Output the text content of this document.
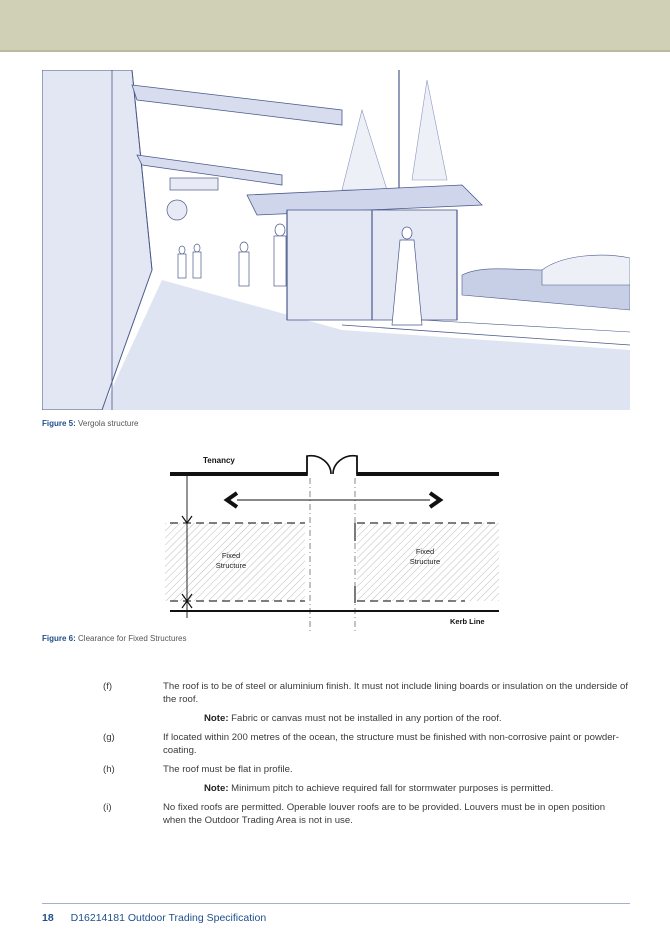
Figure 5: Vergola structure
Tenancy
Fixed
Structure
Fixed
Structure
Kerb Line
Figure 6: Clearance for Fixed Structures
(f)	The roof is to be of steel or aluminium finish. It must not include lining boards or insulation on the underside of the roof.
Note: Fabric or canvas must not be installed in any portion of the roof.
(g)	If located within 200 metres of the ocean, the structure must be finished with non-corrosive paint or powder-coating.
(h)	The roof must be flat in profile.
Note: Minimum pitch to achieve required fall for stormwater purposes is permitted.
(i)	No fixed roofs are permitted. Operable louver roofs are to be provided. Louvers must be in open position when the Outdoor Trading Area is not in use.
18 D16214181 Outdoor Trading Specification
